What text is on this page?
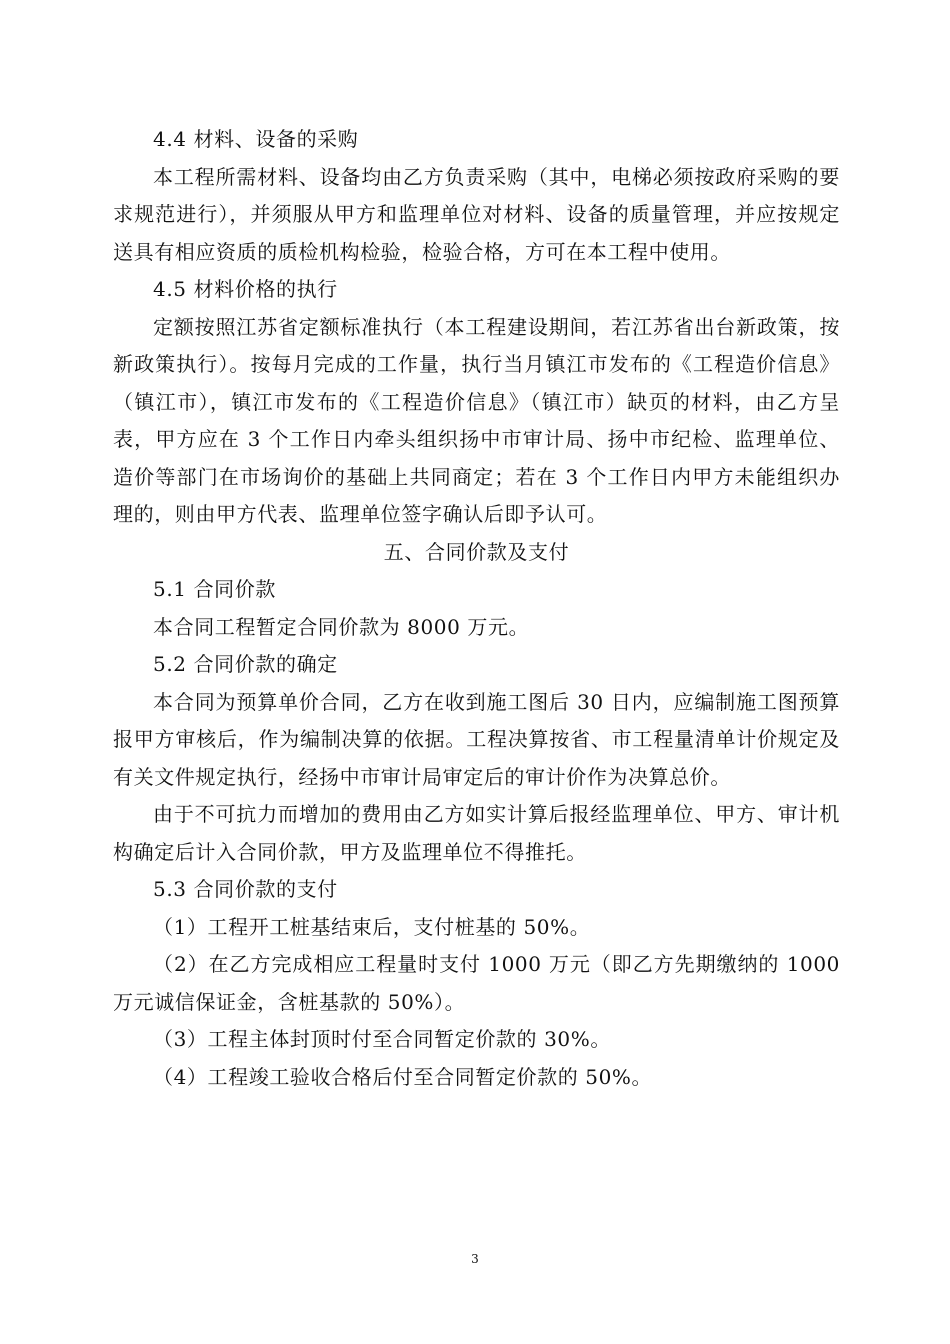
4.4 材料、设备的采购

本工程所需材料、设备均由乙方负责采购（其中，电梯必须按政府采购的要求规范进行），并须服从甲方和监理单位对材料、设备的质量管理，并应按规定送具有相应资质的质检机构检验，检验合格，方可在本工程中使用。

4.5 材料价格的执行

定额按照江苏省定额标准执行（本工程建设期间，若江苏省出台新政策，按新政策执行）。按每月完成的工作量，执行当月镇江市发布的《工程造价信息》（镇江市），镇江市发布的《工程造价信息》（镇江市）缺页的材料，由乙方呈表，甲方应在 3 个工作日内牵头组织扬中市审计局、扬中市纪检、监理单位、造价等部门在市场询价的基础上共同商定；若在 3 个工作日内甲方未能组织办理的，则由甲方代表、监理单位签字确认后即予认可。

五、合同价款及支付

5.1 合同价款

本合同工程暂定合同价款为 8000 万元。

5.2 合同价款的确定

本合同为预算单价合同，乙方在收到施工图后 30 日内，应编制施工图预算报甲方审核后，作为编制决算的依据。工程决算按省、市工程量清单计价规定及有关文件规定执行，经扬中市审计局审定后的审计价作为决算总价。

由于不可抗力而增加的费用由乙方如实计算后报经监理单位、甲方、审计机构确定后计入合同价款，甲方及监理单位不得推托。

5.3 合同价款的支付

（1）工程开工桩基结束后，支付桩基的 50%。

（2）在乙方完成相应工程量时支付 1000 万元（即乙方先期缴纳的 1000 万元诚信保证金，含桩基款的 50%）。

（3）工程主体封顶时付至合同暂定价款的 30%。

（4）工程竣工验收合格后付至合同暂定价款的 50%。

3
